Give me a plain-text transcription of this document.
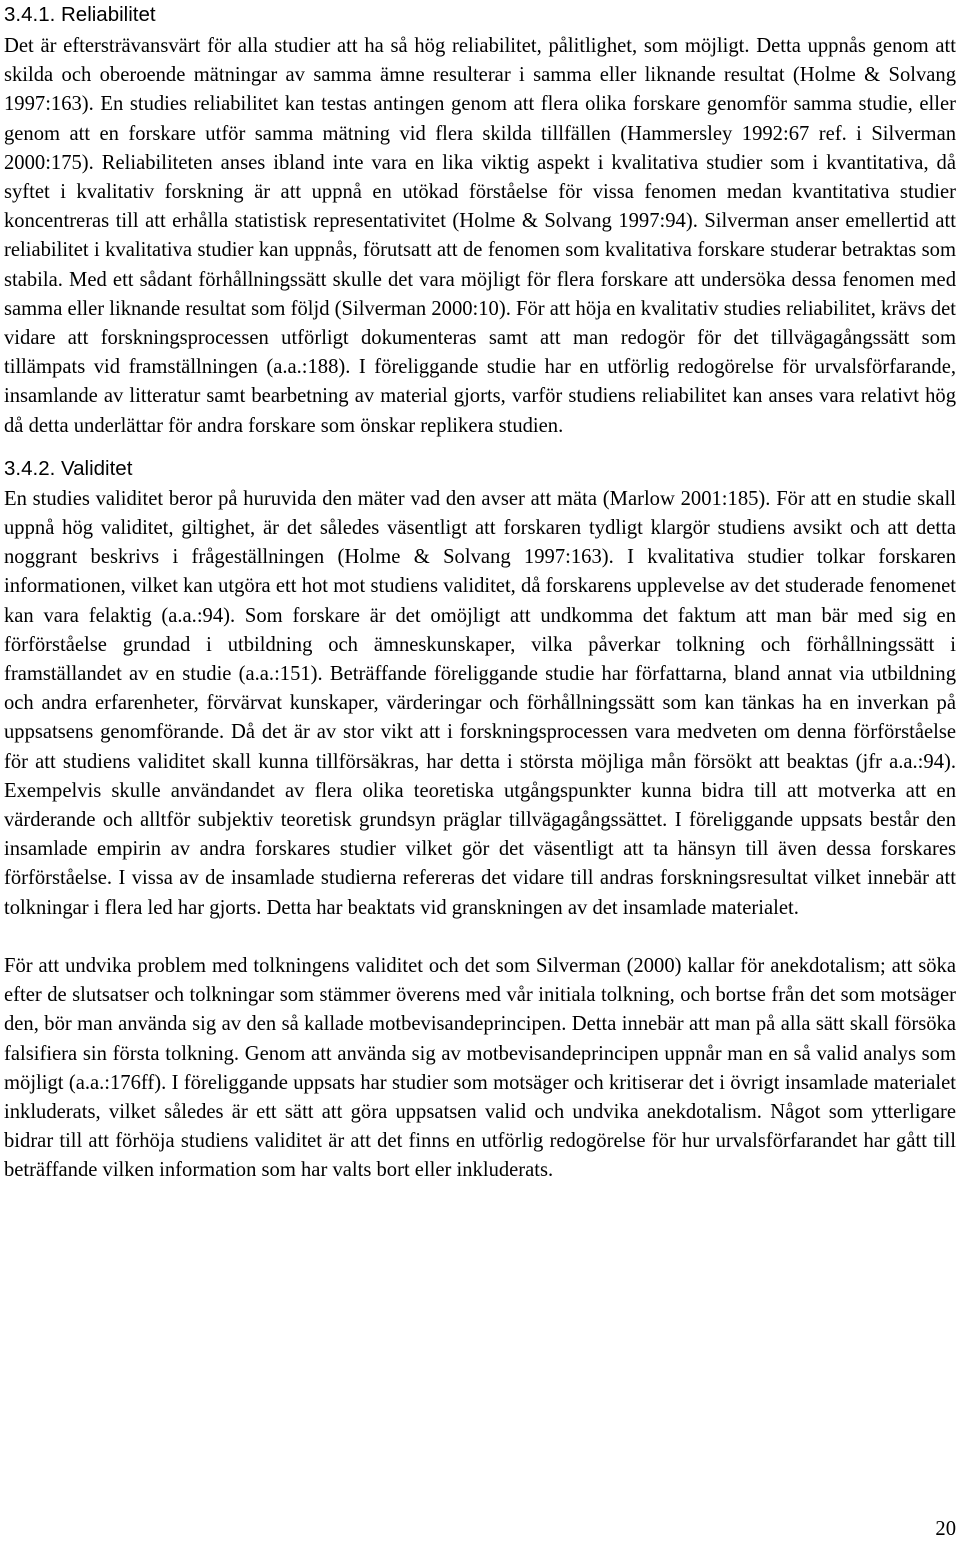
3.4.1. Reliabilitet

Det är eftersträvansvärt för alla studier att ha så hög reliabilitet, pålitlighet, som möjligt. Detta uppnås genom att skilda och oberoende mätningar av samma ämne resulterar i samma eller liknande resultat (Holme & Solvang 1997:163). En studies reliabilitet kan testas antingen genom att flera olika forskare genomför samma studie, eller genom att en forskare utför samma mätning vid flera skilda tillfällen (Hammersley 1992:67 ref. i Silverman 2000:175). Reliabiliteten anses ibland inte vara en lika viktig aspekt i kvalitativa studier som i kvantitativa, då syftet i kvalitativ forskning är att uppnå en utökad förståelse för vissa fenomen medan kvantitativa studier koncentreras till att erhålla statistisk representativitet (Holme & Solvang 1997:94). Silverman anser emellertid att reliabilitet i kvalitativa studier kan uppnås, förutsatt att de fenomen som kvalitativa forskare studerar betraktas som stabila. Med ett sådant förhållningssätt skulle det vara möjligt för flera forskare att undersöka dessa fenomen med samma eller liknande resultat som följd (Silverman 2000:10). För att höja en kvalitativ studies reliabilitet, krävs det vidare att forskningsprocessen utförligt dokumenteras samt att man redogör för det tillvägagångssätt som tillämpats vid framställningen (a.a.:188). I föreliggande studie har en utförlig redogörelse för urvalsförfarande, insamlande av litteratur samt bearbetning av material gjorts, varför studiens reliabilitet kan anses vara relativt hög då detta underlättar för andra forskare som önskar replikera studien.

3.4.2. Validitet

En studies validitet beror på huruvida den mäter vad den avser att mäta (Marlow 2001:185). För att en studie skall uppnå hög validitet, giltighet, är det således väsentligt att forskaren tydligt klargör studiens avsikt och att detta noggrant beskrivs i frågeställningen (Holme & Solvang 1997:163). I kvalitativa studier tolkar forskaren informationen, vilket kan utgöra ett hot mot studiens validitet, då forskarens upplevelse av det studerade fenomenet kan vara felaktig (a.a.:94). Som forskare är det omöjligt att undkomma det faktum att man bär med sig en förförståelse grundad i utbildning och ämneskunskaper, vilka påverkar tolkning och förhållningssätt i framställandet av en studie (a.a.:151). Beträffande föreliggande studie har författarna, bland annat via utbildning och andra erfarenheter, förvärvat kunskaper, värderingar och förhållningssätt som kan tänkas ha en inverkan på uppsatsens genomförande. Då det är av stor vikt att i forskningsprocessen vara medveten om denna förförståelse för att studiens validitet skall kunna tillförsäkras, har detta i största möjliga mån försökt att beaktas (jfr a.a.:94). Exempelvis skulle användandet av flera olika teoretiska utgångspunkter kunna bidra till att motverka att en värderande och alltför subjektiv teoretisk grundsyn präglar tillvägagångssättet. I föreliggande uppsats består den insamlade empirin av andra forskares studier vilket gör det väsentligt att ta hänsyn till även dessa forskares förförståelse. I vissa av de insamlade studierna refereras det vidare till andras forskningsresultat vilket innebär att tolkningar i flera led har gjorts. Detta har beaktats vid granskningen av det insamlade materialet.

För att undvika problem med tolkningens validitet och det som Silverman (2000) kallar för anekdotalism; att söka efter de slutsatser och tolkningar som stämmer överens med vår initiala tolkning, och bortse från det som motsäger den, bör man använda sig av den så kallade motbevisandeprincipen. Detta innebär att man på alla sätt skall försöka falsifiera sin första tolkning. Genom att använda sig av motbevisandeprincipen uppnår man en så valid analys som möjligt (a.a.:176ff). I föreliggande uppsats har studier som motsäger och kritiserar det i övrigt insamlade materialet inkluderats, vilket således är ett sätt att göra uppsatsen valid och undvika anekdotalism. Något som ytterligare bidrar till att förhöja studiens validitet är att det finns en utförlig redogörelse för hur urvalsförfarandet har gått till beträffande vilken information som har valts bort eller inkluderats.

20
